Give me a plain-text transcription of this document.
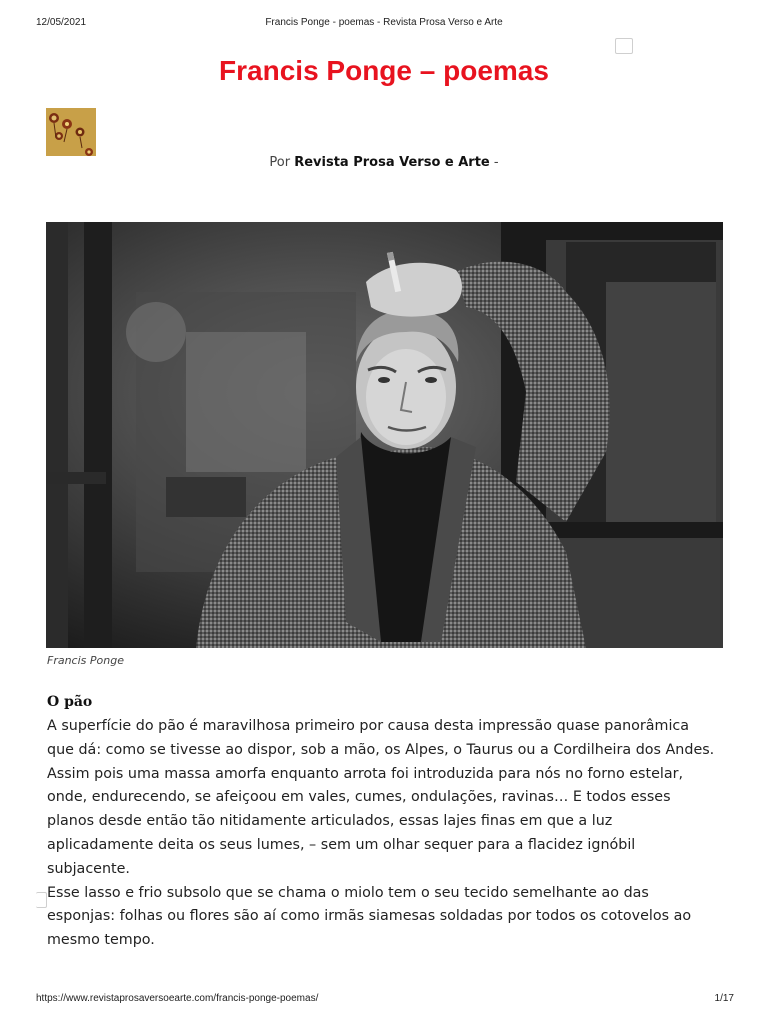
12/05/2021	Francis Ponge - poemas - Revista Prosa Verso e Arte
Francis Ponge – poemas
Por Revista Prosa Verso e Arte -
Francis Ponge
O pão

A superfície do pão é maravilhosa primeiro por causa desta impressão quase panorâmica que dá: como se tivesse ao dispor, sob a mão, os Alpes, o Taurus ou a Cordilheira dos Andes.

Assim pois uma massa amorfa enquanto arrota foi introduzida para nós no forno estelar, onde, endurecendo, se afeiçoou em vales, cumes, ondulações, ravinas… E todos esses planos desde então tão nitidamente articulados, essas lajes finas em que a luz aplicadamente deita os seus lumes, – sem um olhar sequer para a flacidez ignóbil subjacente.

Esse lasso e frio subsolo que se chama o miolo tem o seu tecido semelhante ao das esponjas: folhas ou flores são aí como irmãs siamesas soldadas por todos os cotovelos ao mesmo tempo.

https://www.revistaprosaversoearte.com/francis-ponge-poemas/	1/17
